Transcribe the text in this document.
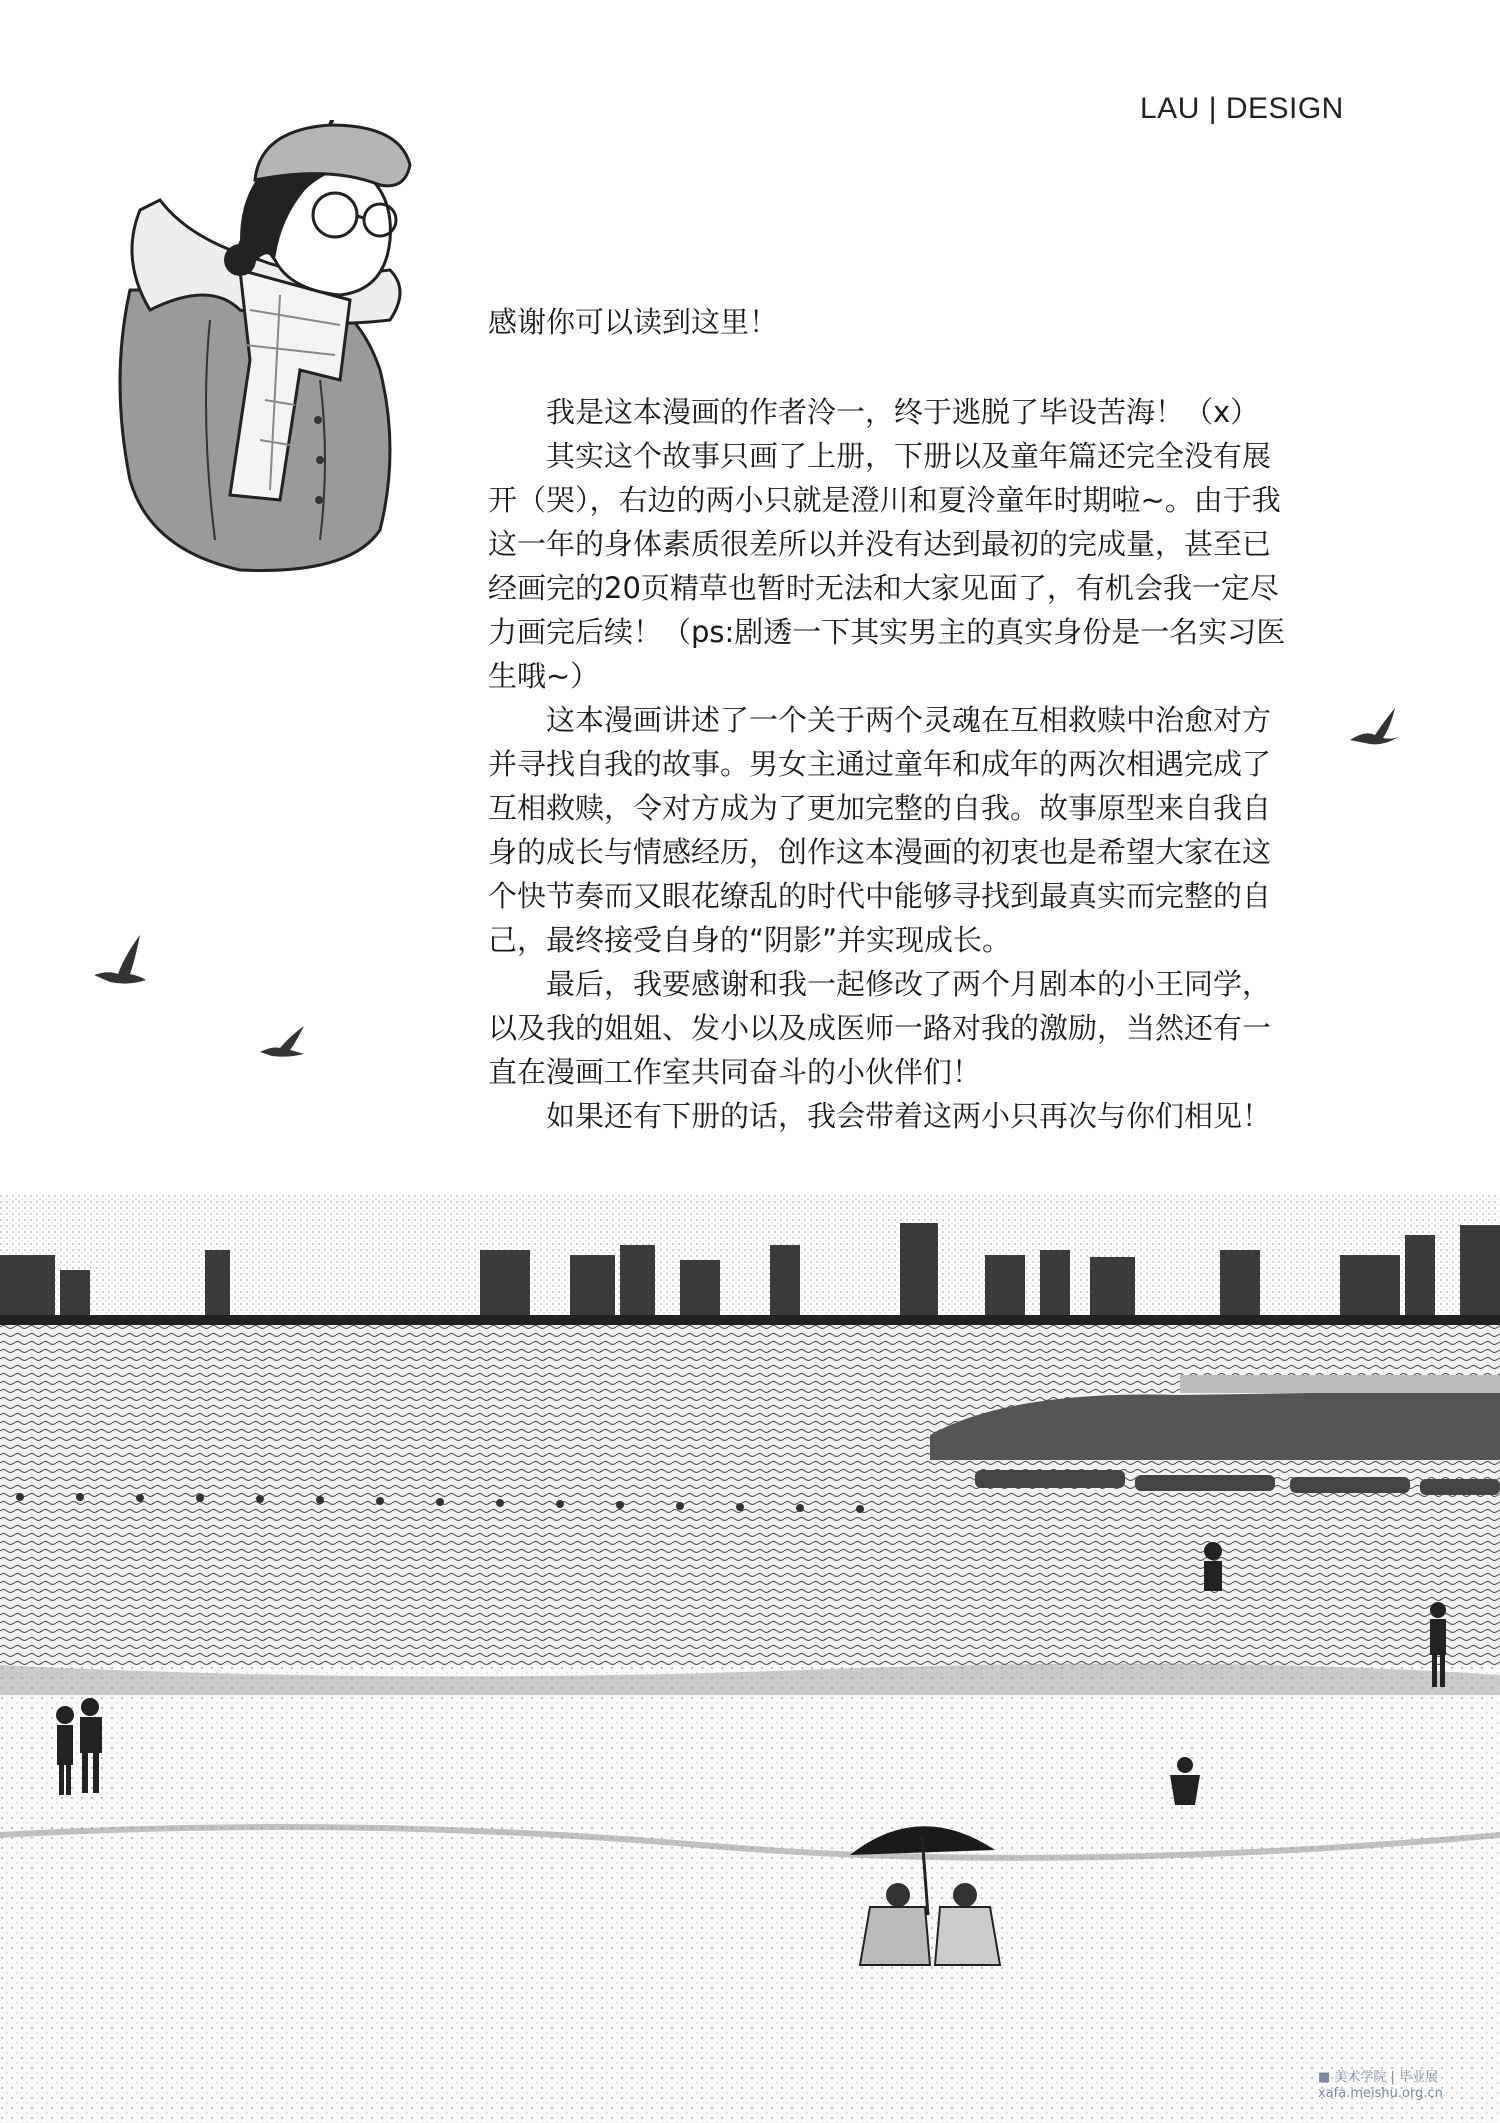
LAU | DESIGN

感谢你可以读到这里！

我是这本漫画的作者泠一，终于逃脱了毕设苦海！（x）

其实这个故事只画了上册，下册以及童年篇还完全没有展开（哭），右边的两小只就是澄川和夏泠童年时期啦~。由于我这一年的身体素质很差所以并没有达到最初的完成量，甚至已经画完的20页精草也暂时无法和大家见面了，有机会我一定尽力画完后续！（ps:剧透一下其实男主的真实身份是一名实习医生哦~）

这本漫画讲述了一个关于两个灵魂在互相救赎中治愈对方并寻找自我的故事。男女主通过童年和成年的两次相遇完成了互相救赎，令对方成为了更加完整的自我。故事原型来自我自身的成长与情感经历，创作这本漫画的初衷也是希望大家在这个快节奏而又眼花缭乱的时代中能够寻找到最真实而完整的自己，最终接受自身的“阴影”并实现成长。

最后，我要感谢和我一起修改了两个月剧本的小王同学，以及我的姐姐、发小以及成医师一路对我的激励，当然还有一直在漫画工作室共同奋斗的小伙伴们！

如果还有下册的话，我会带着这两小只再次与你们相见！

■ 美术学院 | 毕业展
xafa.meishu.org.cn
